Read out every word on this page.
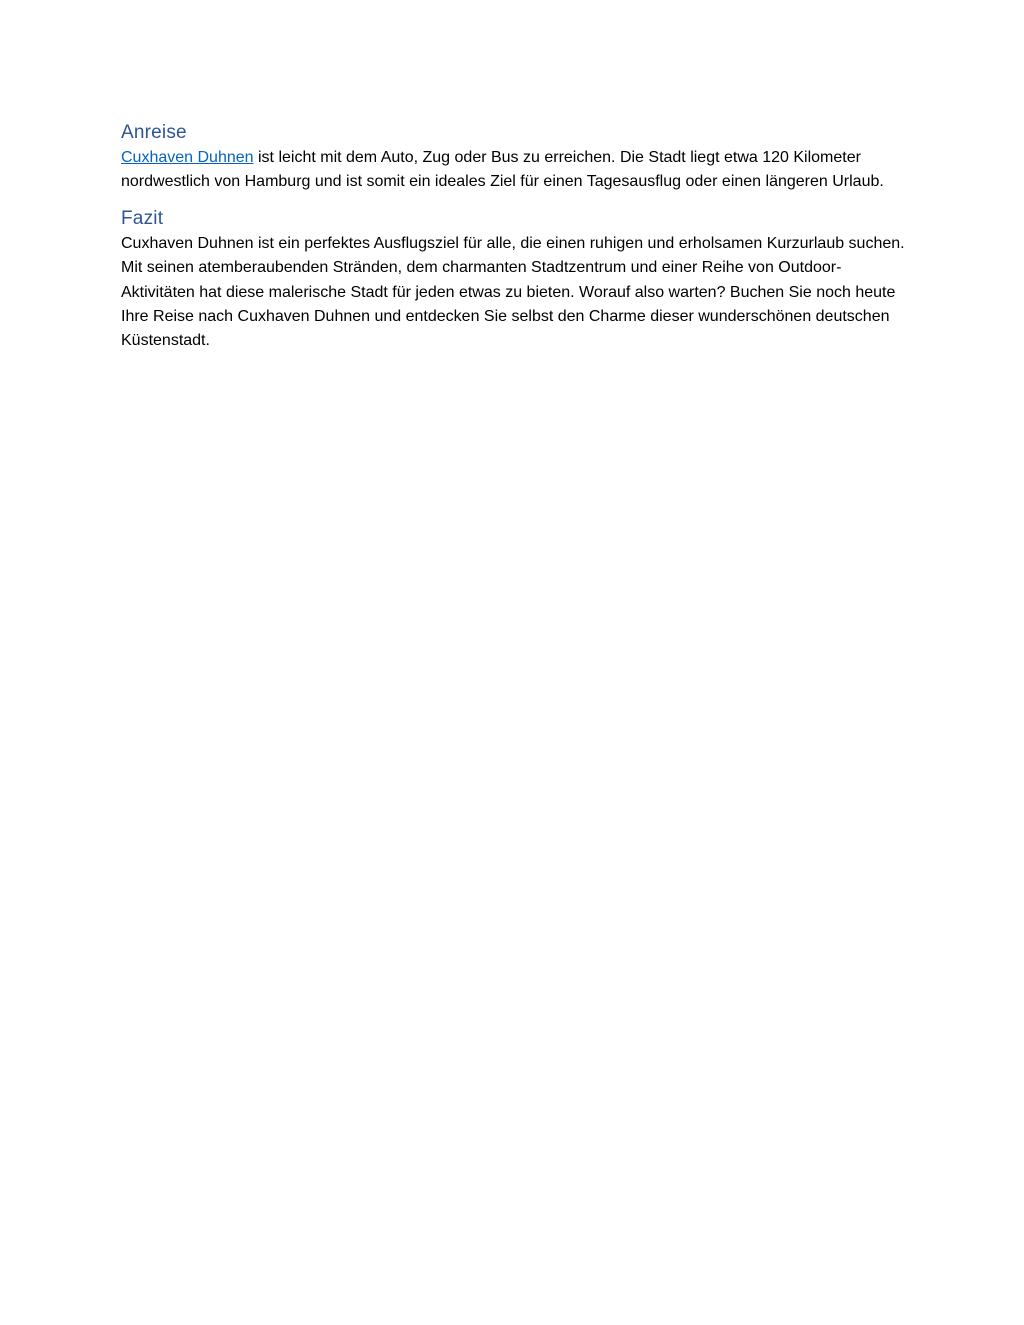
Anreise

Cuxhaven Duhnen ist leicht mit dem Auto, Zug oder Bus zu erreichen. Die Stadt liegt etwa 120 Kilometer nordwestlich von Hamburg und ist somit ein ideales Ziel für einen Tagesausflug oder einen längeren Urlaub.

Fazit

Cuxhaven Duhnen ist ein perfektes Ausflugsziel für alle, die einen ruhigen und erholsamen Kurzurlaub suchen. Mit seinen atemberaubenden Stränden, dem charmanten Stadtzentrum und einer Reihe von Outdoor-Aktivitäten hat diese malerische Stadt für jeden etwas zu bieten. Worauf also warten? Buchen Sie noch heute Ihre Reise nach Cuxhaven Duhnen und entdecken Sie selbst den Charme dieser wunderschönen deutschen Küstenstadt.
